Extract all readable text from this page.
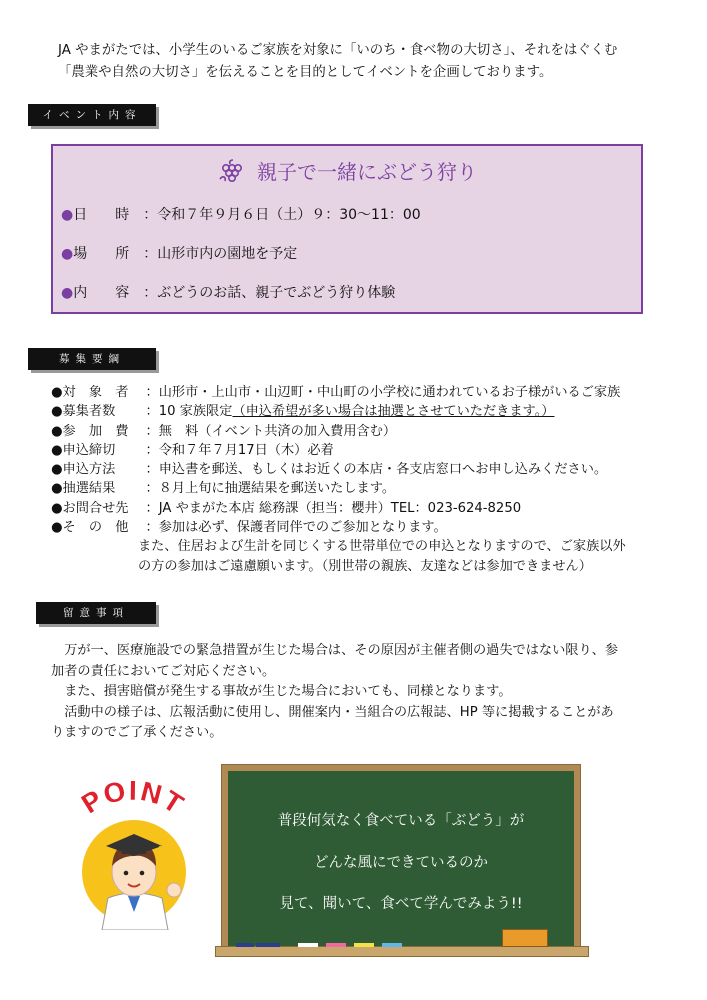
JA やまがたでは、小学生のいるご家族を対象に「いのち・食べ物の大切さ」、それをはぐくむ
「農業や自然の大切さ」を伝えることを目的としてイベントを企画しております。
イベント内容
親子で一緒にぶどう狩り
●日　　時 ：令和７年９月６日（土）９：30～11：00
●場　　所 ：山形市内の園地を予定
●内　　容 ：ぶどうのお話、親子でぶどう狩り体験
募集要綱
●対　象　者 ：山形市・上山市・山辺町・中山町の小学校に通われているお子様がいるご家族
●募集者数 ：10 家族限定（申込希望が多い場合は抽選とさせていただきます。）
●参　加　費 ：無　料（イベント共済の加入費用含む）
●申込締切 ：令和７年７月17日（木）必着
●申込方法 ：申込書を郵送、もしくはお近くの本店・各支店窓口へお申し込みください。
●抽選結果 ：８月上旬に抽選結果を郵送いたします。
●お問合せ先 ：JA やまがた本店 総務課（担当：櫻井）TEL：023-624-8250
●そ　の　他 ：参加は必ず、保護者同伴でのご参加となります。
また、住居および生計を同じくする世帯単位での申込となりますので、ご家族以外
の方の参加はご遠慮願います。（別世帯の親族、友達などは参加できません）
留意事項

万が一、医療施設での緊急措置が生じた場合は、その原因が主催者側の過失ではない限り、参

加者の責任においてご対応ください。

また、損害賠償が発生する事故が生じた場合においても、同様となります。

活動中の様子は、広報活動に使用し、開催案内・当組合の広報誌、HP 等に掲載することがあ

りますのでご了承ください。

POINT	普段何気なく食べている「ぶどう」が
どんな風にできているのか
見て、聞いて、食べて学んでみよう!!
